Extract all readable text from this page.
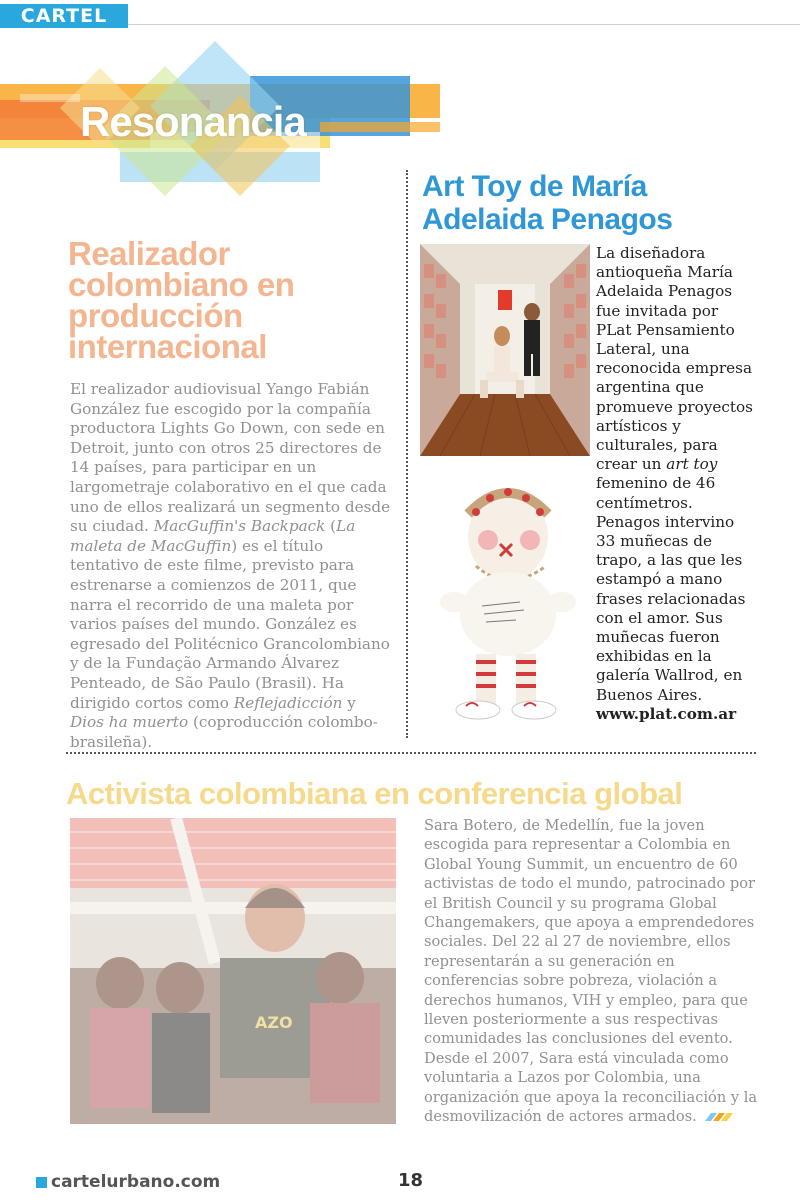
CARTEL
Resonancia
Realizador colombiano en producción internacional

El realizador audiovisual Yango Fabián González fue escogido por la compañía productora Lights Go Down, con sede en Detroit, junto con otros 25 directores de 14 países, para participar en un largometraje colaborativo en el que cada uno de ellos realizará un segmento desde su ciudad. MacGuffin's Backpack (La maleta de MacGuffin) es el título tentativo de este filme, previsto para estrenarse a comienzos de 2011, que narra el recorrido de una maleta por varios países del mundo. González es egresado del Politécnico Grancolombiano y de la Fundação Armando Álvarez Penteado, de São Paulo (Brasil). Ha dirigido cortos como Reflejadicción y Dios ha muerto (coproducción colombo-brasileña).

Art Toy de María Adelaida Penagos

La diseñadora antioqueña María Adelaida Penagos fue invitada por PLat Pensamiento Lateral, una reconocida empresa argentina que promueve proyectos artísticos y culturales, para crear un art toy femenino de 46 centímetros. Penagos intervino 33 muñecas de trapo, a las que les estampó a mano frases relacionadas con el amor. Sus muñecas fueron exhibidas en la galería Wallrod, en Buenos Aires. www.plat.com.ar

Activista colombiana en conferencia global
AZO

Sara Botero, de Medellín, fue la joven escogida para representar a Colombia en Global Young Summit, un encuentro de 60 activistas de todo el mundo, patrocinado por el British Council y su programa Global Changemakers, que apoya a emprendedores sociales. Del 22 al 27 de noviembre, ellos representarán a su generación en conferencias sobre pobreza, violación a derechos humanos, VIH y empleo, para que lleven posteriormente a sus respectivas comunidades las conclusiones del evento. Desde el 2007, Sara está vinculada como voluntaria a Lazos por Colombia, una organización que apoya la reconciliación y la desmovilización de actores armados.

cartelurbano.com	18
